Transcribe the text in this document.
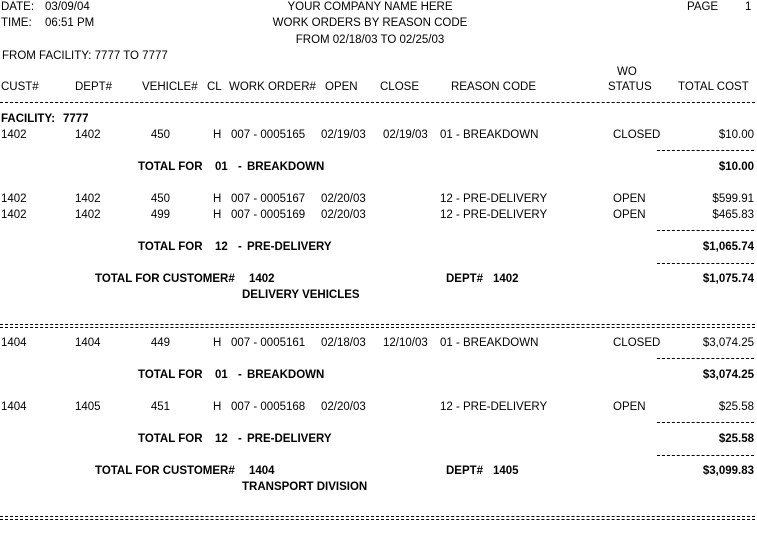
DATE: 03/09/04
TIME: 06:51 PM
YOUR COMPANY NAME HERE
WORK ORDERS BY REASON CODE
FROM 02/18/03 TO 02/25/03
PAGE 1
FROM FACILITY: 7777 TO 7777
CUST#	DEPT#	VEHICLE# CL WORK ORDER# OPEN CLOSE	REASON CODE
WO
STATUS TOTAL COST
FACILITY: 7777
1402	1402	450	H 007 - 0005165 02/19/03 02/19/03 01 - BREAKDOWN	CLOSED	$10.00
TOTAL FOR 01 - BREAKDOWN	$10.00
1402	1402	450	H 007 - 0005167 02/20/03	12 - PRE-DELIVERY	OPEN	$599.91
1402	1402	499	H 007 - 0005169 02/20/03	12 - PRE-DELIVERY	OPEN	$465.83
TOTAL FOR 12 - PRE-DELIVERY	$1,065.74
TOTAL FOR CUSTOMER# 1402	DEPT# 1402	$1,075.74
DELIVERY VEHICLES
1404	1404	449	H 007 - 0005161 02/18/03 12/10/03 01 - BREAKDOWN	CLOSED	$3,074.25
TOTAL FOR 01 - BREAKDOWN	$3,074.25
1404	1405	451	H 007 - 0005168 02/20/03	12 - PRE-DELIVERY	OPEN	$25.58
TOTAL FOR 12 - PRE-DELIVERY	$25.58
TOTAL FOR CUSTOMER# 1404	DEPT# 1405	$3,099.83
TRANSPORT DIVISION
